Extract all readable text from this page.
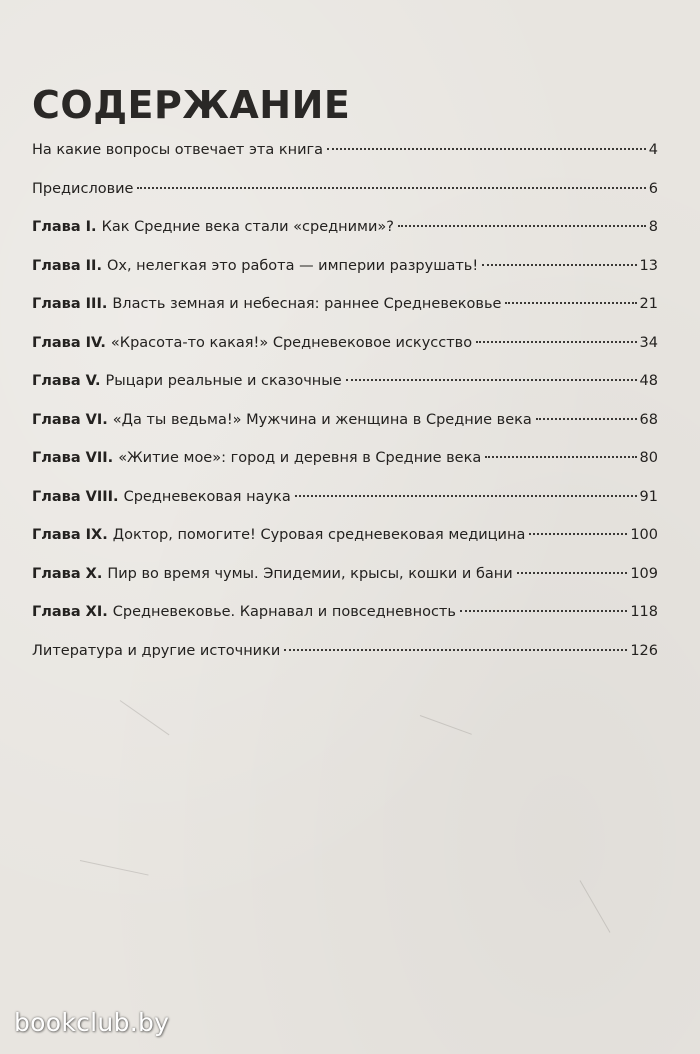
СОДЕРЖАНИЕ
На какие вопросы отвечает эта книга	4
Предисловие	6
Глава I. Как Средние века стали «средними»?	8
Глава II. Ох, нелегкая это работа — империи разрушать!	13
Глава III. Власть земная и небесная: раннее Средневековье	21
Глава IV. «Красота-то какая!» Средневековое искусство	34
Глава V. Рыцари реальные и сказочные	48
Глава VI. «Да ты ведьма!» Мужчина и женщина в Средние века	68
Глава VII. «Житие мое»: город и деревня в Средние века	80
Глава VIII. Средневековая наука	91
Глава IX. Доктор, помогите! Суровая средневековая медицина	100
Глава X. Пир во время чумы. Эпидемии, крысы, кошки и бани	109
Глава XI. Средневековье. Карнавал и повседневность	118
Литература и другие источники	126
bookclub.by
